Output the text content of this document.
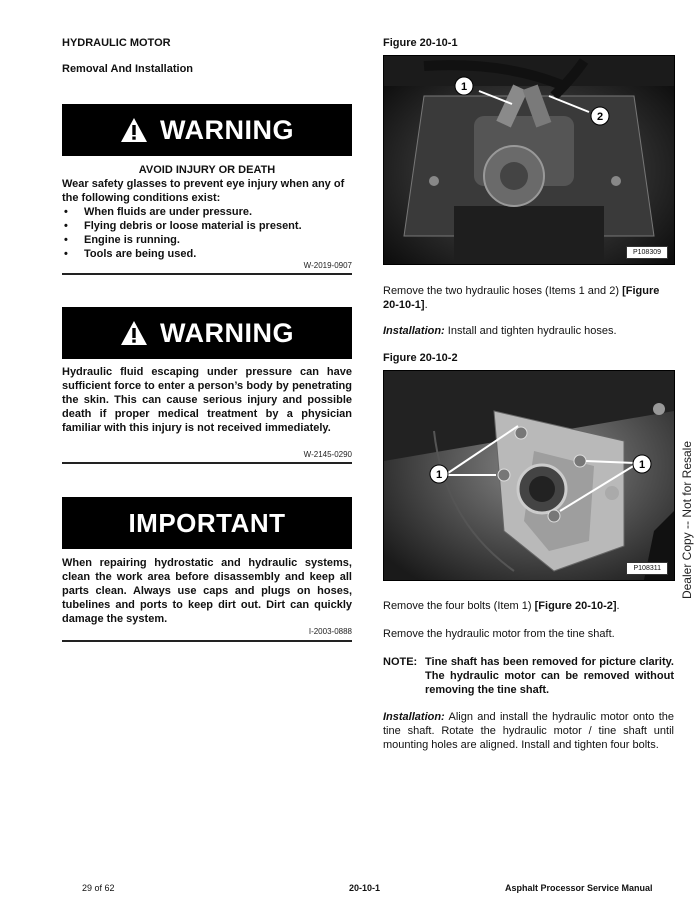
HYDRAULIC MOTOR
Removal And Installation
WARNING
AVOID INJURY OR DEATH
Wear safety glasses to prevent eye injury when any of the following conditions exist:
• When fluids are under pressure.
• Flying debris or loose material is present.
• Engine is running.
• Tools are being used.
W-2019-0907
WARNING
Hydraulic fluid escaping under pressure can have sufficient force to enter a person’s body by penetrating the skin. This can cause serious injury and possible death if proper medical treatment by a physician familiar with this injury is not received immediately.
W-2145-0290
IMPORTANT
When repairing hydrostatic and hydraulic systems, clean the work area before disassembly and keep all parts clean. Always use caps and plugs on hoses, tubelines and ports to keep dirt out. Dirt can quickly damage the system.
I-2003-0888
Figure 20-10-1
1
2
P108309
Remove the two hydraulic hoses (Items 1 and 2) [Figure 20-10-1].
Installation: Install and tighten hydraulic hoses.
Figure 20-10-2
1
1
P108311
Remove the four bolts (Item 1) [Figure 20-10-2].
Remove the hydraulic motor from the tine shaft.
NOTE: Tine shaft has been removed for picture clarity. The hydraulic motor can be removed without removing the tine shaft.
Installation: Align and install the hydraulic motor onto the tine shaft. Rotate the hydraulic motor / tine shaft until mounting holes are aligned. Install and tighten four bolts.
Dealer Copy -- Not for Resale
29 of 62	20-10-1	Asphalt Processor Service Manual
